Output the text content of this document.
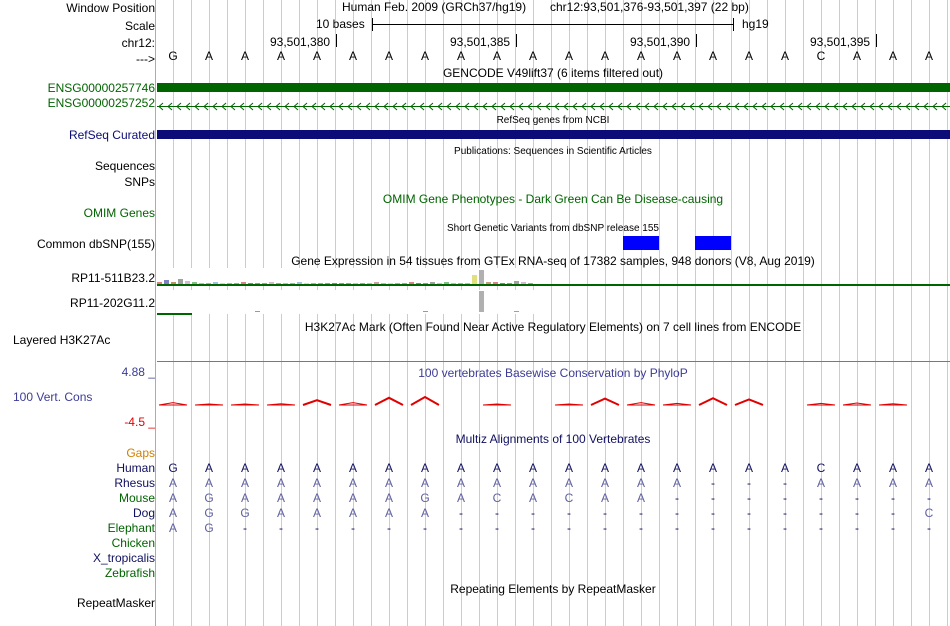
Window Position
Scale
chr12:
--->
ENSG00000257746
ENSG00000257252
RefSeq Curated
Sequences
SNPs
OMIM Genes
Common dbSNP(155)
RP11-511B23.2
RP11-202G11.2
Layered H3K27Ac
4.88 _
100 Vert. Cons
-4.5 _
Gaps
Human
Rhesus
Mouse
Dog
Elephant
Chicken
X_tropicalis
Zebrafish
RepeatMasker
Human Feb. 2009 (GRCh37/hg19) chr12:93,501,376-93,501,397 (22 bp)
10 bases	hg19
93,501,380	93,501,385	93,501,390	93,501,395
G	A	A	A	A	A	A	A	A	A	A	A	A	A	A	A	A	A	C	A	A	A
GENCODE V49lift37 (6 items filtered out)
RefSeq genes from NCBI
Publications: Sequences in Scientific Articles
OMIM Gene Phenotypes - Dark Green Can Be Disease-causing
Short Genetic Variants from dbSNP release 155
Gene Expression in 54 tissues from GTEx RNA-seq of 17382 samples, 948 donors (V8, Aug 2019)
H3K27Ac Mark (Often Found Near Active Regulatory Elements) on 7 cell lines from ENCODE
100 vertebrates Basewise Conservation by PhyloP
Multiz Alignments of 100 Vertebrates
G	A	A	A	A	A	A	A	A	A	A	A	A	A	A	A	A	A	C	A	A	A
A	A	A	A	A	A	A	A	A	A	A	A	A	A	A	-	-	-	A	A	A	A
A	G	A	A	A	A	A	G	A	C	A	C	A	A	-	-	-	-	-	-	-	-
A	G	G	A	A	A	A	A	-	-	-	-	-	-	-	-	-	-	-	-	-	C
A	G	-	-	-	-	-	-	-	-	-	-	-	-	-	-	-	-	-	-	-	-
Repeating Elements by RepeatMasker
